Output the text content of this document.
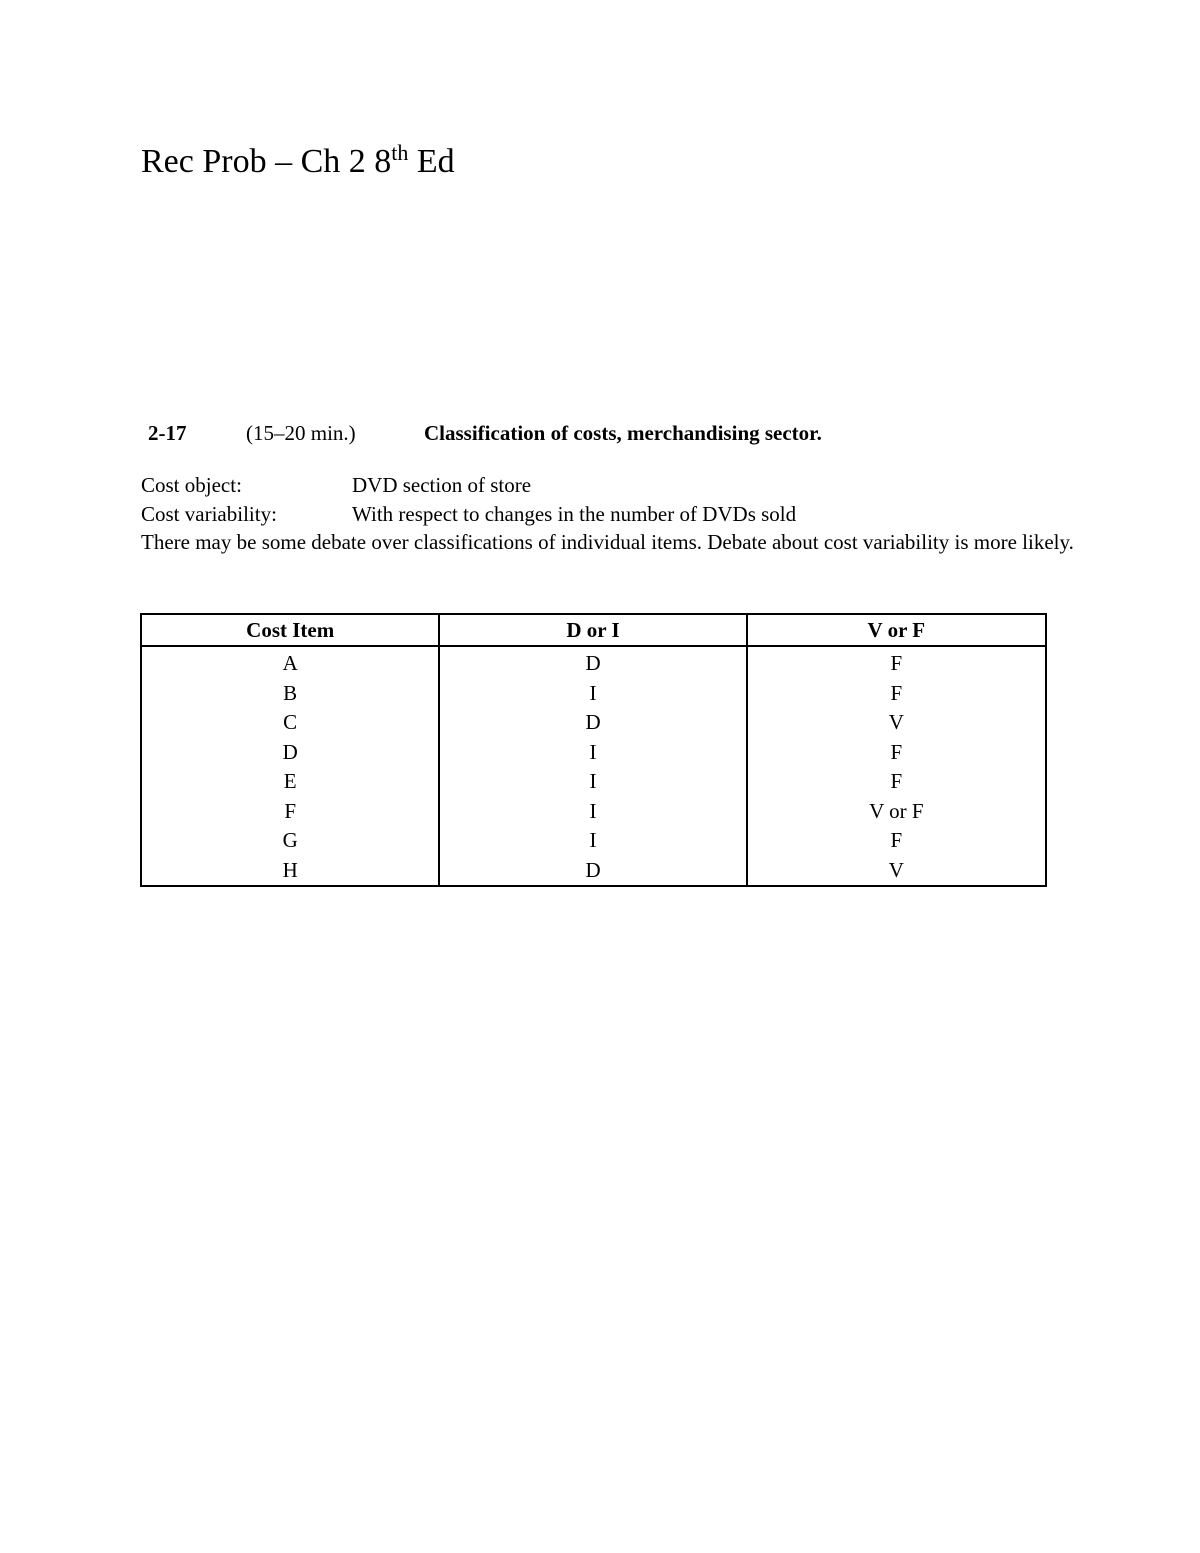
Rec Prob – Ch 2 8th Ed
2-17	(15–20 min.)	Classification of costs, merchandising sector.
Cost object:	DVD section of store
Cost variability:	With respect to changes in the number of DVDs sold

There may be some debate over classifications of individual items. Debate about cost variability is more likely.

Cost Item	D or I	V or F
A	D	F
B	I	F
C	D	V
D	I	F
E	I	F
F	I	V or F
G	I	F
H	D	V
